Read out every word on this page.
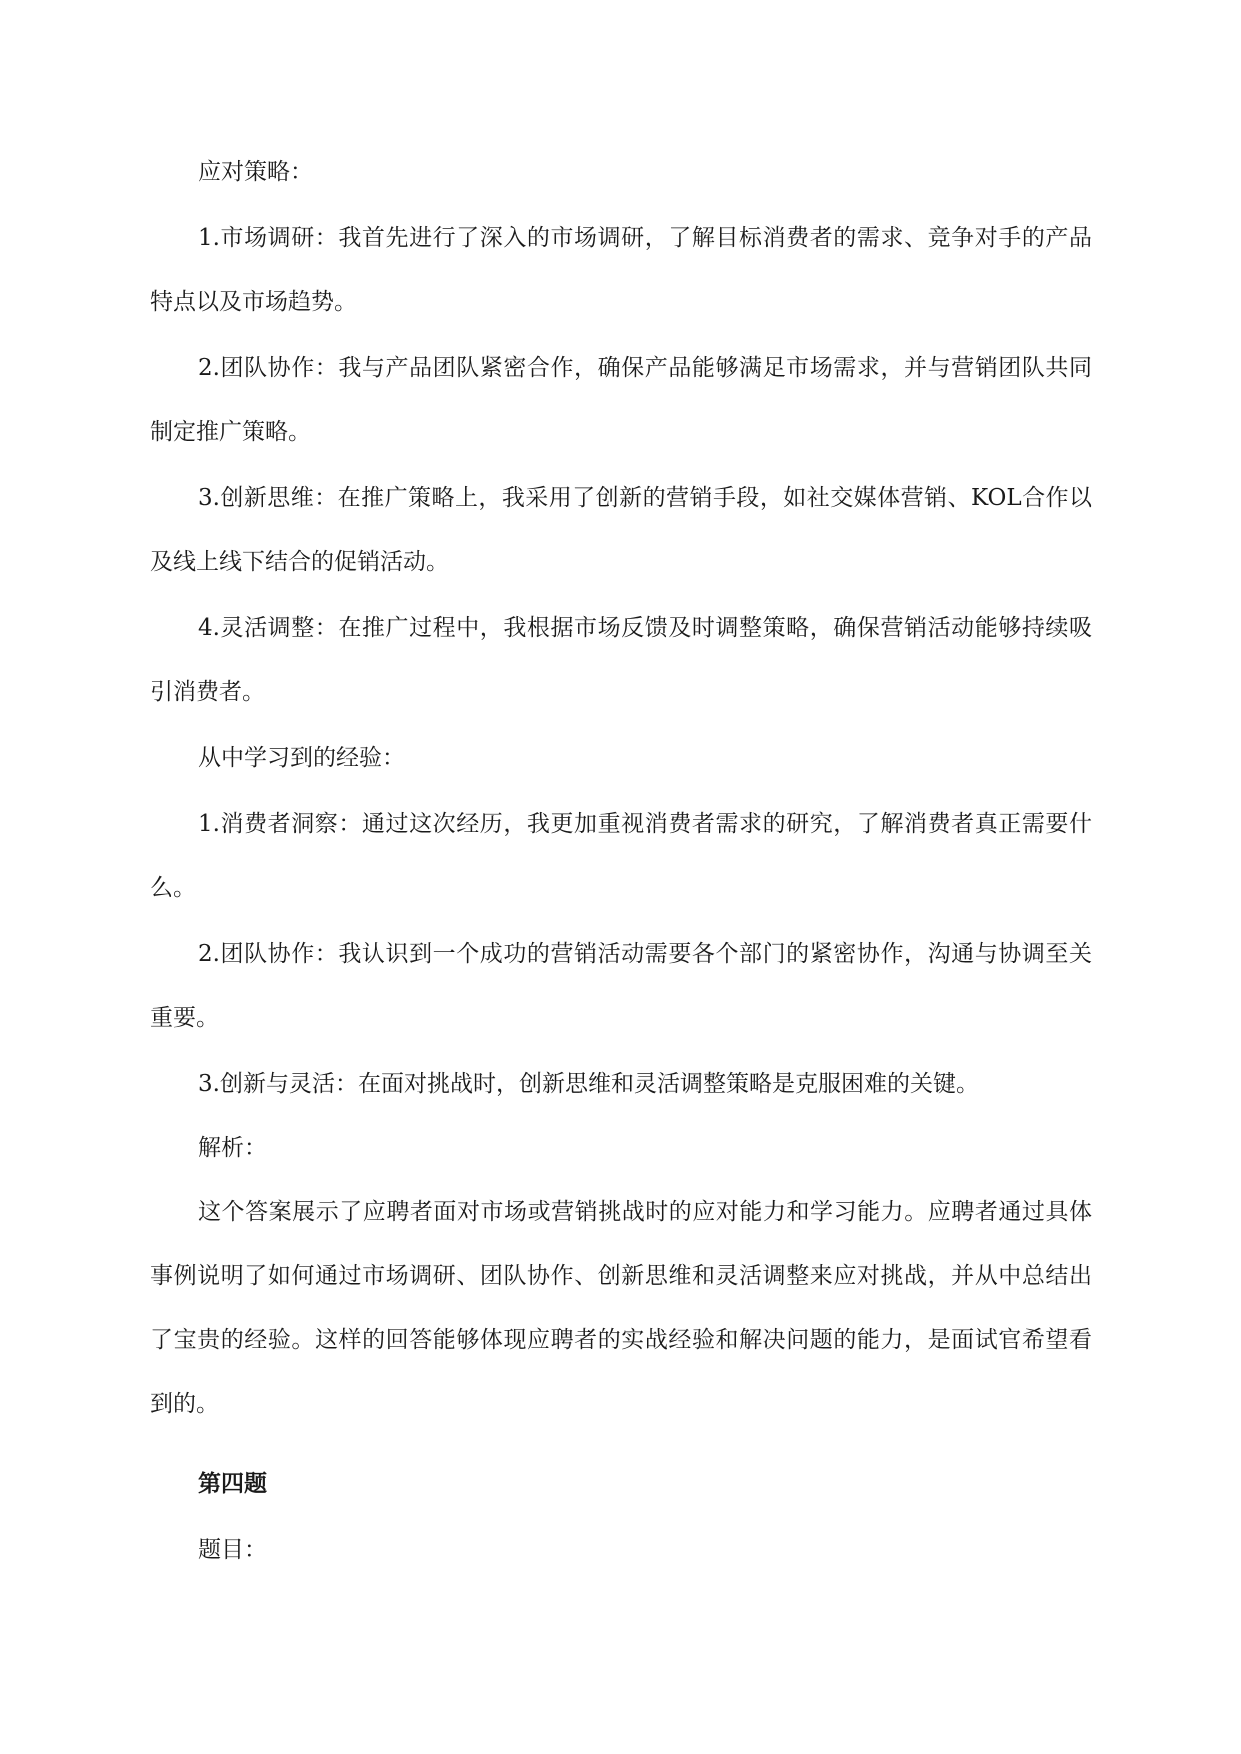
应对策略：

1.市场调研：我首先进行了深入的市场调研，了解目标消费者的需求、竞争对手的产品特点以及市场趋势。

2.团队协作：我与产品团队紧密合作，确保产品能够满足市场需求，并与营销团队共同制定推广策略。

3.创新思维：在推广策略上，我采用了创新的营销手段，如社交媒体营销、KOL合作以及线上线下结合的促销活动。

4.灵活调整：在推广过程中，我根据市场反馈及时调整策略，确保营销活动能够持续吸引消费者。

从中学习到的经验：

1.消费者洞察：通过这次经历，我更加重视消费者需求的研究，了解消费者真正需要什么。

2.团队协作：我认识到一个成功的营销活动需要各个部门的紧密协作，沟通与协调至关重要。

3.创新与灵活：在面对挑战时，创新思维和灵活调整策略是克服困难的关键。

解析：

这个答案展示了应聘者面对市场或营销挑战时的应对能力和学习能力。应聘者通过具体事例说明了如何通过市场调研、团队协作、创新思维和灵活调整来应对挑战，并从中总结出了宝贵的经验。这样的回答能够体现应聘者的实战经验和解决问题的能力，是面试官希望看到的。

第四题

题目：
